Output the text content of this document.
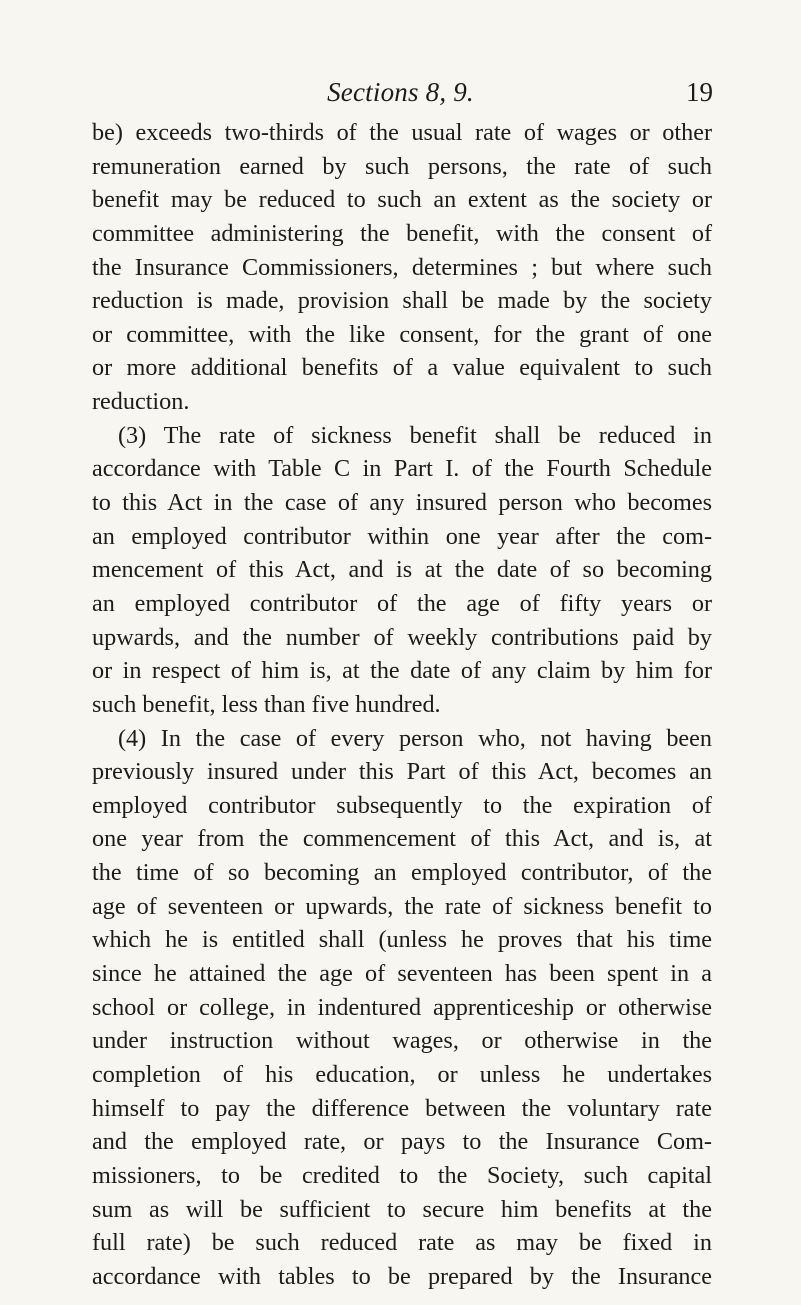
Sections 8, 9.	19
be) exceeds two-thirds of the usual rate of wages or other
remuneration earned by such persons, the rate of such
benefit may be reduced to such an extent as the society or
committee administering the benefit, with the consent of
the Insurance Commissioners, determines ; but where such
reduction is made, provision shall be made by the society
or committee, with the like consent, for the grant of one
or more additional benefits of a value equivalent to such
reduction.
(3) The rate of sickness benefit shall be reduced in
accordance with Table C in Part I. of the Fourth Schedule
to this Act in the case of any insured person who becomes
an employed contributor within one year after the com-
mencement of this Act, and is at the date of so becoming
an employed contributor of the age of fifty years or
upwards, and the number of weekly contributions paid by
or in respect of him is, at the date of any claim by him for
such benefit, less than five hundred.
(4) In the case of every person who, not having been
previously insured under this Part of this Act, becomes an
employed contributor subsequently to the expiration of
one year from the commencement of this Act, and is, at
the time of so becoming an employed contributor, of the
age of seventeen or upwards, the rate of sickness benefit to
which he is entitled shall (unless he proves that his time
since he attained the age of seventeen has been spent in a
school or college, in indentured apprenticeship or otherwise
under instruction without wages, or otherwise in the
completion of his education, or unless he undertakes
himself to pay the difference between the voluntary rate
and the employed rate, or pays to the Insurance Com-
missioners, to be credited to the Society, such capital
sum as will be sufficient to secure him benefits at the
full rate) be such reduced rate as may be fixed in
accordance with tables to be prepared by the Insurance
